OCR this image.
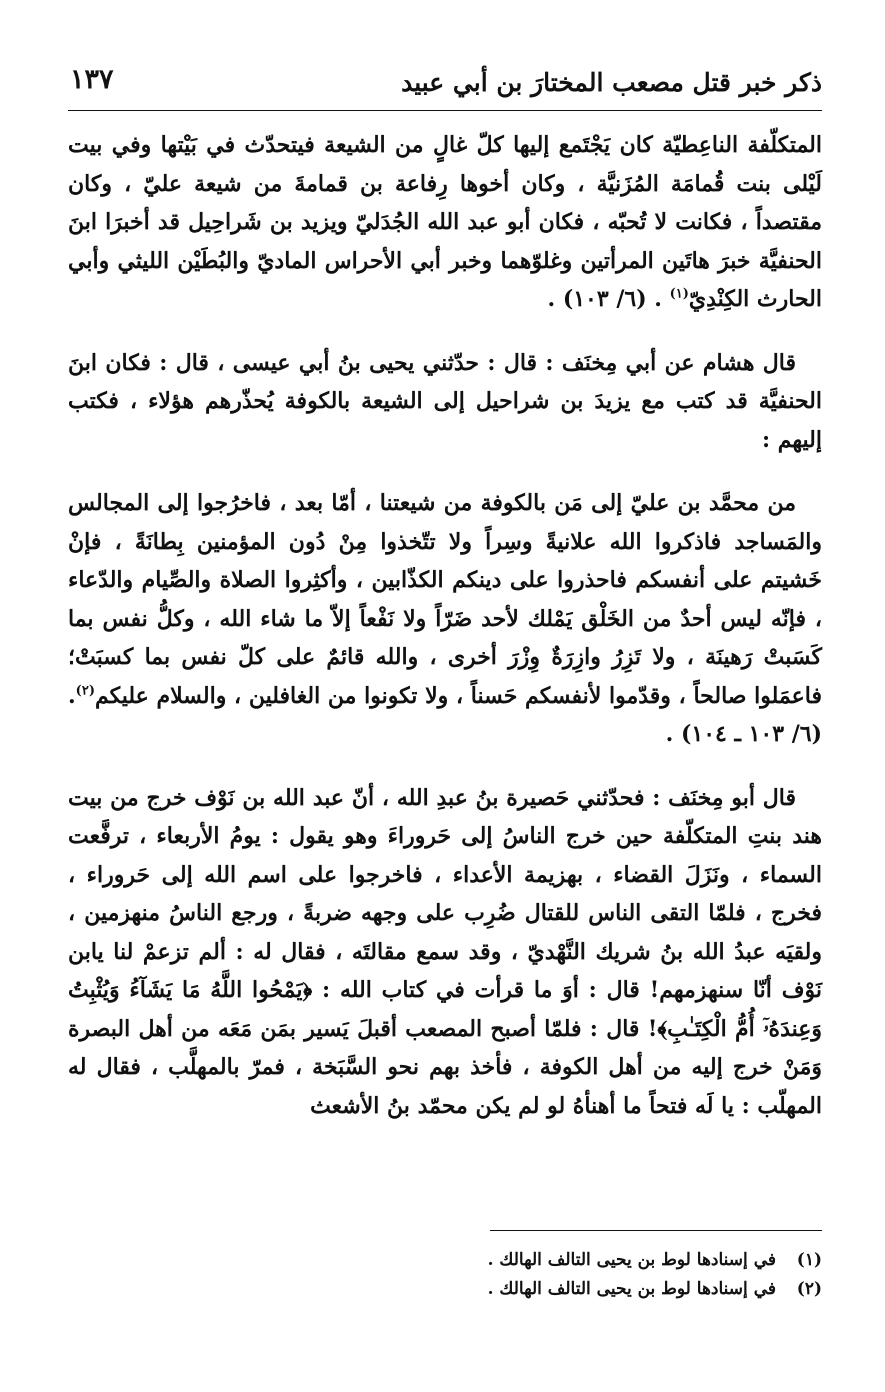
١٣٧	ذكر خبر قتل مصعب المختارَ بن أبي عبيد

المتكلّفة الناعِطيّة كان يَجْتَمع إليها كلّ غالٍ من الشيعة فيتحدّث في بَيْتها وفي بيت لَيْلى بنت قُمامَة المُزَنيَّة ، وكان أخوها رِفاعة بن قمامةَ من شيعة عليّ ، وكان مقتصداً ، فكانت لا تُحبّه ، فكان أبو عبد الله الجُدَليّ ويزيد بن شَراحِيل قد أخبرَا ابنَ الحنفيَّة خبرَ هاتَين المرأتين وغلوّهما وخبر أبي الأحراس الماديّ والبُطَيْن الليثي وأبي الحارث الكِنْدِيّ$^{(١)}$ . (٦/ ١٠٣) .

قال هشام عن أبي مِخنَف : قال : حدّثني يحيى بنُ أبي عيسى ، قال : فكان ابنَ الحنفيَّة قد كتب مع يزيدَ بن شراحيل إلى الشيعة بالكوفة يُحذّرهم هؤلاء ، فكتب إليهم :

من محمَّد بن عليّ إلى مَن بالكوفة من شيعتنا ، أمّا بعد ، فاخرُجوا إلى المجالس والمَساجد فاذكروا الله علانيةً وسِراً ولا تتّخذوا مِنْ دُون المؤمنين بِطانَةً ، فإنْ خَشيتم على أنفسكم فاحذروا على دينكم الكذّابين ، وأكثِروا الصلاة والصِّيام والدّعاء ، فإنّه ليس أحدٌ من الخَلْق يَمْلك لأحد ضَرّاً ولا نَفْعاً إلاّ ما شاء الله ، وكلُّ نفس بما كَسَبتْ رَهينَة ، ولا تَزِرُ وازِرَةٌ وِزْرَ أخرى ، والله قائمٌ على كلّ نفس بما كسبَتْ؛ فاعمَلوا صالحاً ، وقدّموا لأنفسكم حَسناً ، ولا تكونوا من الغافلين ، والسلام عليكم$^{(٢)}$. (٦/ ١٠٣ ـ ١٠٤) .

قال أبو مِخنَف : فحدّثني حَصيرة بنُ عبدِ الله ، أنّ عبد الله بن نَوْف خرج من بيت هند بنتِ المتكلّفة حين خرج الناسُ إلى حَروراءَ وهو يقول : يومُ الأربعاء ، ترفَّعت السماء ، ونَزَلَ القضاء ، بهزيمة الأعداء ، فاخرجوا على اسم الله إلى حَروراء ، فخرج ، فلمّا التقى الناس للقتال ضُرِب على وجهه ضربةً ، ورجع الناسُ منهزمين ، ولقيَه عبدُ الله بنُ شريك النَّهْديّ ، وقد سمع مقالتَه ، فقال له : ألم تزعمْ لنا يابن نَوْف أنّا سنهزمهم! قال : أوَ ما قرأت في كتاب الله : ﴿يَمْحُوا اللَّهُ مَا يَشَآءُ وَيُثْبِتُ وَعِندَهُۥٓ أُمُّ الْكِتَـٰبِ﴾! قال : فلمّا أصبح المصعب أقبلَ يَسير بمَن مَعَه من أهل البصرة وَمَنْ خرج إليه من أهل الكوفة ، فأخذ بهم نحو السَّبَخة ، فمرّ بالمهلَّب ، فقال له المهلّب : يا لَه فتحاً ما أهنأهُ لو لم يكن محمّد بنُ الأشعث

(١)في إسنادها لوط بن يحيى التالف الهالك .
(٢)في إسنادها لوط بن يحيى التالف الهالك .
